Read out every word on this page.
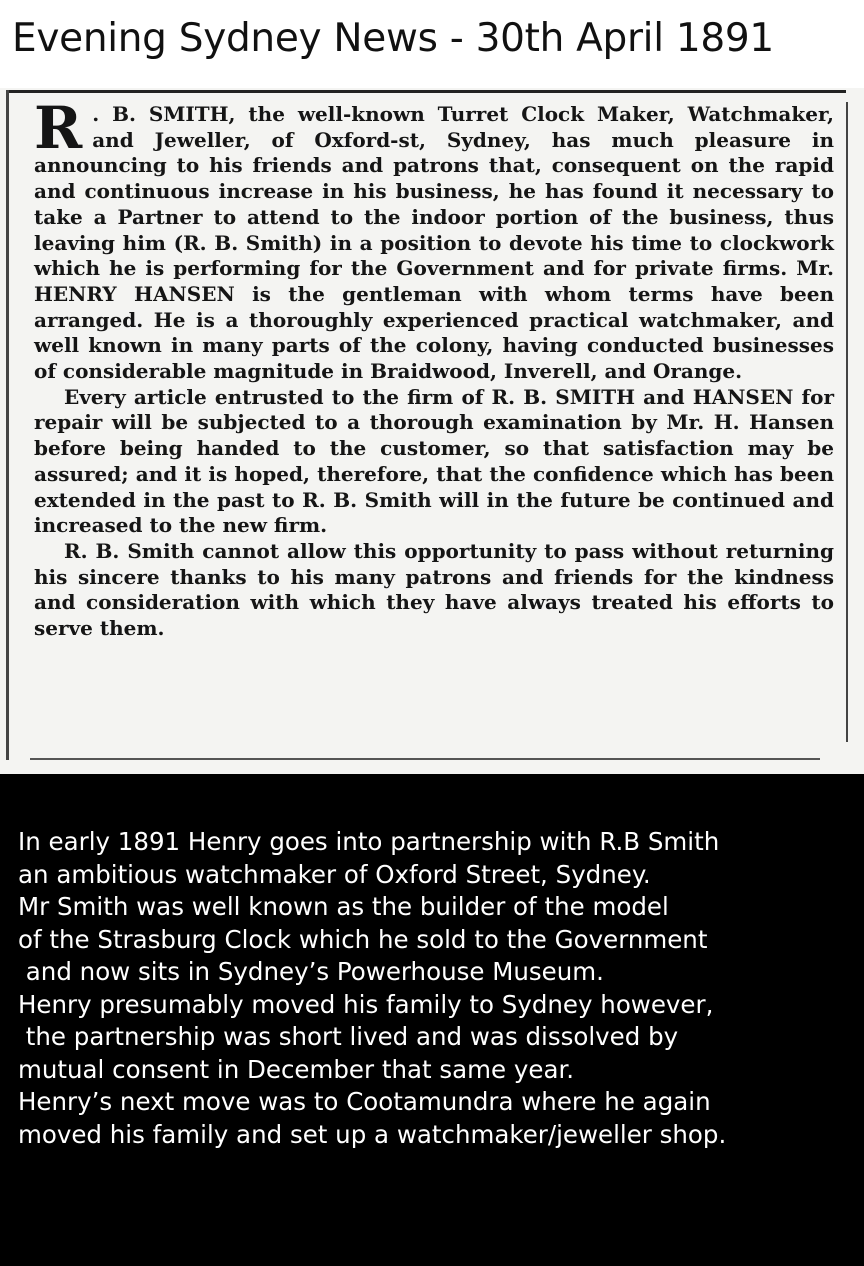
Evening Sydney News - 30th April 1891

R . B. SMITH, the well-known Turret Clock Maker, Watchmaker, and Jeweller, of Oxford-st, Sydney, has much pleasure in announcing to his friends and patrons that, consequent on the rapid and continuous increase in his business, he has found it necessary to take a Partner to attend to the indoor portion of the business, thus leaving him (R. B. Smith) in a position to devote his time to clockwork which he is performing for the Government and for private firms. Mr. HENRY HANSEN is the gentleman with whom terms have been arranged. He is a thoroughly experienced practical watchmaker, and well known in many parts of the colony, having conducted businesses of considerable magnitude in Braidwood, Inverell, and Orange.

Every article entrusted to the firm of R. B. SMITH and HANSEN for repair will be subjected to a thorough examination by Mr. H. Hansen before being handed to the customer, so that satisfaction may be assured; and it is hoped, therefore, that the confidence which has been extended in the past to R. B. Smith will in the future be continued and increased to the new firm.

R. B. Smith cannot allow this opportunity to pass without returning his sincere thanks to his many patrons and friends for the kindness and consideration with which they have always treated his efforts to serve them.

In early 1891 Henry goes into partnership with R.B Smith
an ambitious watchmaker of Oxford Street, Sydney.
Mr Smith was well known as the builder of the model
of the Strasburg Clock which he sold to the Government
and now sits in Sydney’s Powerhouse Museum.
Henry presumably moved his family to Sydney however,
the partnership was short lived and was dissolved by
mutual consent in December that same year.
Henry’s next move was to Cootamundra where he again
moved his family and set up a watchmaker/jeweller shop.
